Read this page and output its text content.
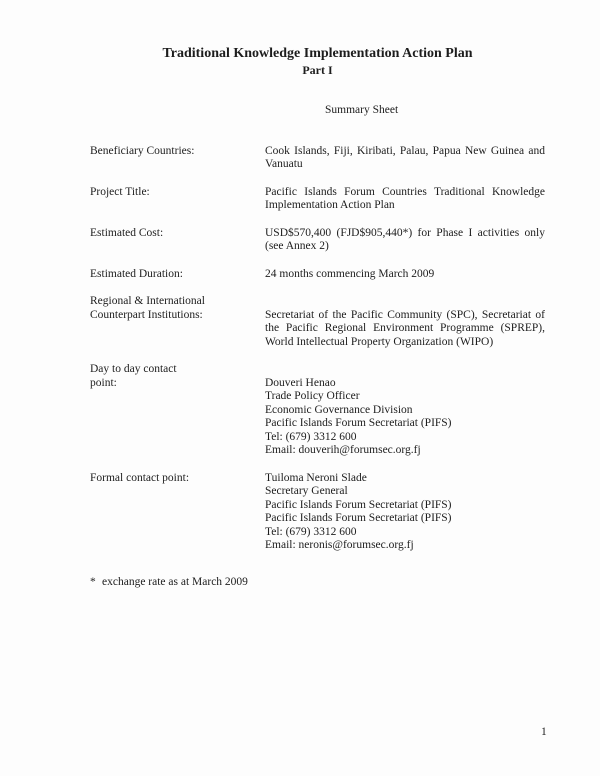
Traditional Knowledge Implementation Action Plan
Part I
Summary Sheet
Beneficiary Countries:	Cook Islands, Fiji, Kiribati, Palau, Papua New Guinea and
Vanuatu
Project Title:	Pacific Islands Forum Countries Traditional Knowledge
Implementation Action Plan
Estimated Cost:	USD$570,400 (FJD$905,440*) for Phase I activities only
(see Annex 2)
Estimated Duration:	24 months commencing March 2009
Regional & International
Counterpart Institutions:	Secretariat of the Pacific Community (SPC), Secretariat of
the Pacific Regional Environment Programme (SPREP),
World Intellectual Property Organization (WIPO)
Day to day contact
point:	Douveri Henao
Trade Policy Officer
Economic Governance Division
Pacific Islands Forum Secretariat (PIFS)
Tel: (679) 3312 600
Email: douverih@forumsec.org.fj
Formal contact point:	Tuiloma Neroni Slade
Secretary General
Pacific Islands Forum Secretariat (PIFS)
Pacific Islands Forum Secretariat (PIFS)
Tel: (679) 3312 600
Email: neronis@forumsec.org.fj
* exchange rate as at March 2009
1
